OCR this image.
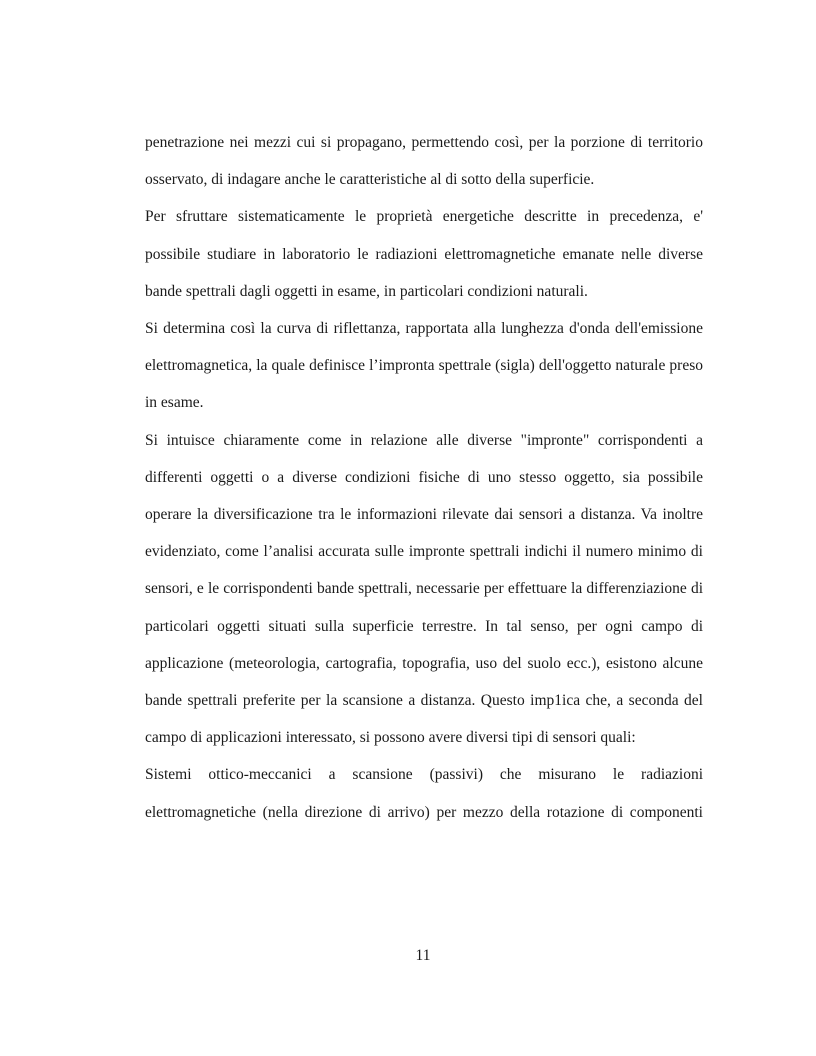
penetrazione nei mezzi cui si propagano, permettendo così, per la porzione di territorio osservato, di indagare anche le caratteristiche al di sotto della superficie.

Per sfruttare sistematicamente le proprietà energetiche descritte in precedenza, e' possibile studiare in laboratorio le radiazioni elettromagnetiche emanate nelle diverse bande spettrali dagli oggetti in esame, in particolari condizioni naturali.

Si determina così la curva di riflettanza, rapportata alla lunghezza d'onda dell'emissione elettromagnetica, la quale definisce l’impronta spettrale (sigla) dell'oggetto naturale preso in esame.

Si intuisce chiaramente come in relazione alle diverse "impronte" corrispondenti a differenti oggetti o a diverse condizioni fisiche di uno stesso oggetto, sia possibile operare la diversificazione tra le informazioni rilevate dai sensori a distanza. Va inoltre evidenziato, come l’analisi accurata sulle impronte spettrali indichi il numero minimo di sensori, e le corrispondenti bande spettrali, necessarie per effettuare la differenziazione di particolari oggetti situati sulla superficie terrestre. In tal senso, per ogni campo di applicazione (meteorologia, cartografia, topografia, uso del suolo ecc.), esistono alcune bande spettrali preferite per la scansione a distanza. Questo imp1ica che, a seconda del campo di applicazioni interessato, si possono avere diversi tipi di sensori quali:

Sistemi ottico-meccanici a scansione (passivi) che misurano le radiazioni elettromagnetiche (nella direzione di arrivo) per mezzo della rotazione di componenti

11
